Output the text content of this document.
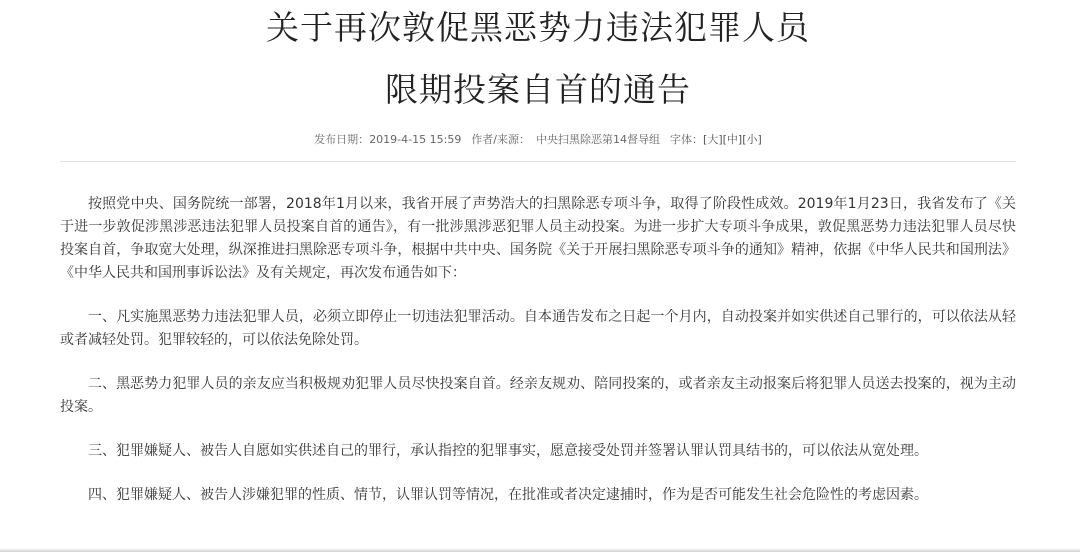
关于再次敦促黑恶势力违法犯罪人员
限期投案自首的通告
发布日期：2019-4-15 15:59 作者/来源： 中央扫黑除恶第14督导组 字体：[大][中][小]

按照党中央、国务院统一部署，2018年1月以来，我省开展了声势浩大的扫黑除恶专项斗争，取得了阶段性成效。2019年1月23日，我省发布了《关于进一步敦促涉黑涉恶违法犯罪人员投案自首的通告》，有一批涉黑涉恶犯罪人员主动投案。为进一步扩大专项斗争成果，敦促黑恶势力违法犯罪人员尽快投案自首，争取宽大处理，纵深推进扫黑除恶专项斗争，根据中共中央、国务院《关于开展扫黑除恶专项斗争的通知》精神，依据《中华人民共和国刑法》《中华人民共和国刑事诉讼法》及有关规定，再次发布通告如下：

一、凡实施黑恶势力违法犯罪人员，必须立即停止一切违法犯罪活动。自本通告发布之日起一个月内，自动投案并如实供述自己罪行的，可以依法从轻或者减轻处罚。犯罪较轻的，可以依法免除处罚。

二、黑恶势力犯罪人员的亲友应当积极规劝犯罪人员尽快投案自首。经亲友规劝、陪同投案的，或者亲友主动报案后将犯罪人员送去投案的，视为主动投案。

三、犯罪嫌疑人、被告人自愿如实供述自己的罪行，承认指控的犯罪事实，愿意接受处罚并签署认罪认罚具结书的，可以依法从宽处理。

四、犯罪嫌疑人、被告人涉嫌犯罪的性质、情节，认罪认罚等情况，在批准或者决定逮捕时，作为是否可能发生社会危险性的考虑因素。
